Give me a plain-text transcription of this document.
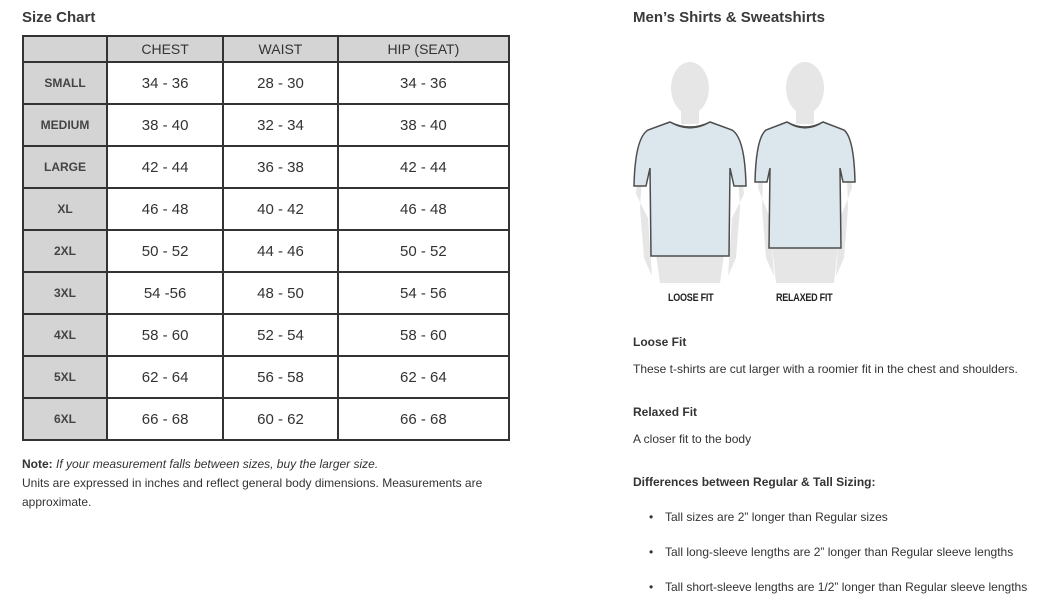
Size Chart
	CHEST	WAIST	HIP (SEAT)
SMALL	34 - 36	28 - 30	34 - 36
MEDIUM	38 - 40	32 - 34	38 - 40
LARGE	42 - 44	36 - 38	42 - 44
XL	46 - 48	40 - 42	46 - 48
2XL	50 - 52	44 - 46	50 - 52
3XL	54 -56	48 - 50	54 - 56
4XL	58 - 60	52 - 54	58 - 60
5XL	62 - 64	56 - 58	62 - 64
6XL	66 - 68	60 - 62	66 - 68
Note: If your measurement falls between sizes, buy the larger size.
Units are expressed in inches and reflect general body dimensions. Measurements are approximate.
Men’s Shirts & Sweatshirts
LOOSE FIT	RELAXED FIT
Loose Fit
These t-shirts are cut larger with a roomier fit in the chest and shoulders.
Relaxed Fit
A closer fit to the body
Differences between Regular & Tall Sizing:
• Tall sizes are 2” longer than Regular sizes
• Tall long-sleeve lengths are 2” longer than Regular sleeve lengths
• Tall short-sleeve lengths are 1/2” longer than Regular sleeve lengths
